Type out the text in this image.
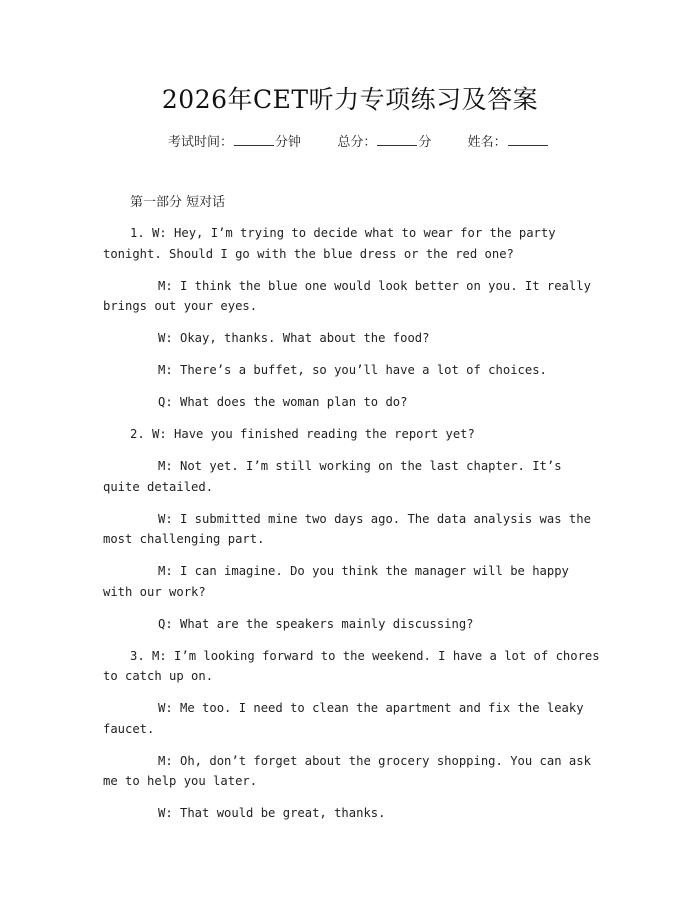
2026年CET听力专项练习及答案
考试时间：	分钟	总分：	分	姓名：
第一部分 短对话

1. W: Hey, I’m trying to decide what to wear for the party tonight. Should I go with the blue dress or the red one?

M: I think the blue one would look better on you. It really brings out your eyes.

W: Okay, thanks. What about the food?

M: There’s a buffet, so you’ll have a lot of choices.

Q: What does the woman plan to do?

2. W: Have you finished reading the report yet?

M: Not yet. I’m still working on the last chapter. It’s quite detailed.

W: I submitted mine two days ago. The data analysis was the most challenging part.

M: I can imagine. Do you think the manager will be happy with our work?

Q: What are the speakers mainly discussing?

3. M: I’m looking forward to the weekend. I have a lot of chores to catch up on.

W: Me too. I need to clean the apartment and fix the leaky faucet.

M: Oh, don’t forget about the grocery shopping. You can ask me to help you later.

W: That would be great, thanks.
